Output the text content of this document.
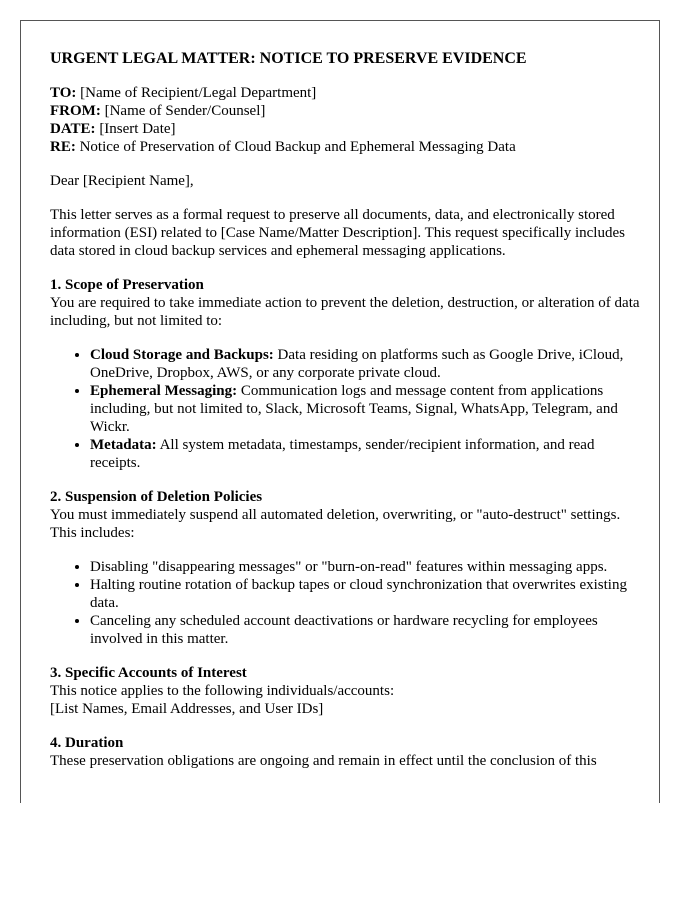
URGENT LEGAL MATTER: NOTICE TO PRESERVE EVIDENCE
TO: [Name of Recipient/Legal Department]
FROM: [Name of Sender/Counsel]
DATE: [Insert Date]
RE: Notice of Preservation of Cloud Backup and Ephemeral Messaging Data

Dear [Recipient Name],

This letter serves as a formal request to preserve all documents, data, and electronically stored information (ESI) related to [Case Name/Matter Description]. This request specifically includes data stored in cloud backup services and ephemeral messaging applications.

1. Scope of Preservation
You are required to take immediate action to prevent the deletion, destruction, or alteration of data including, but not limited to:
• Cloud Storage and Backups: Data residing on platforms such as Google Drive, iCloud, OneDrive, Dropbox, AWS, or any corporate private cloud.
• Ephemeral Messaging: Communication logs and message content from applications including, but not limited to, Slack, Microsoft Teams, Signal, WhatsApp, Telegram, and Wickr.
• Metadata: All system metadata, timestamps, sender/recipient information, and read receipts.
2. Suspension of Deletion Policies
You must immediately suspend all automated deletion, overwriting, or "auto-destruct" settings. This includes:
• Disabling "disappearing messages" or "burn-on-read" features within messaging apps.
• Halting routine rotation of backup tapes or cloud synchronization that overwrites existing data.
• Canceling any scheduled account deactivations or hardware recycling for employees involved in this matter.
3. Specific Accounts of Interest
This notice applies to the following individuals/accounts:
[List Names, Email Addresses, and User IDs]
4. Duration
These preservation obligations are ongoing and remain in effect until the conclusion of this
